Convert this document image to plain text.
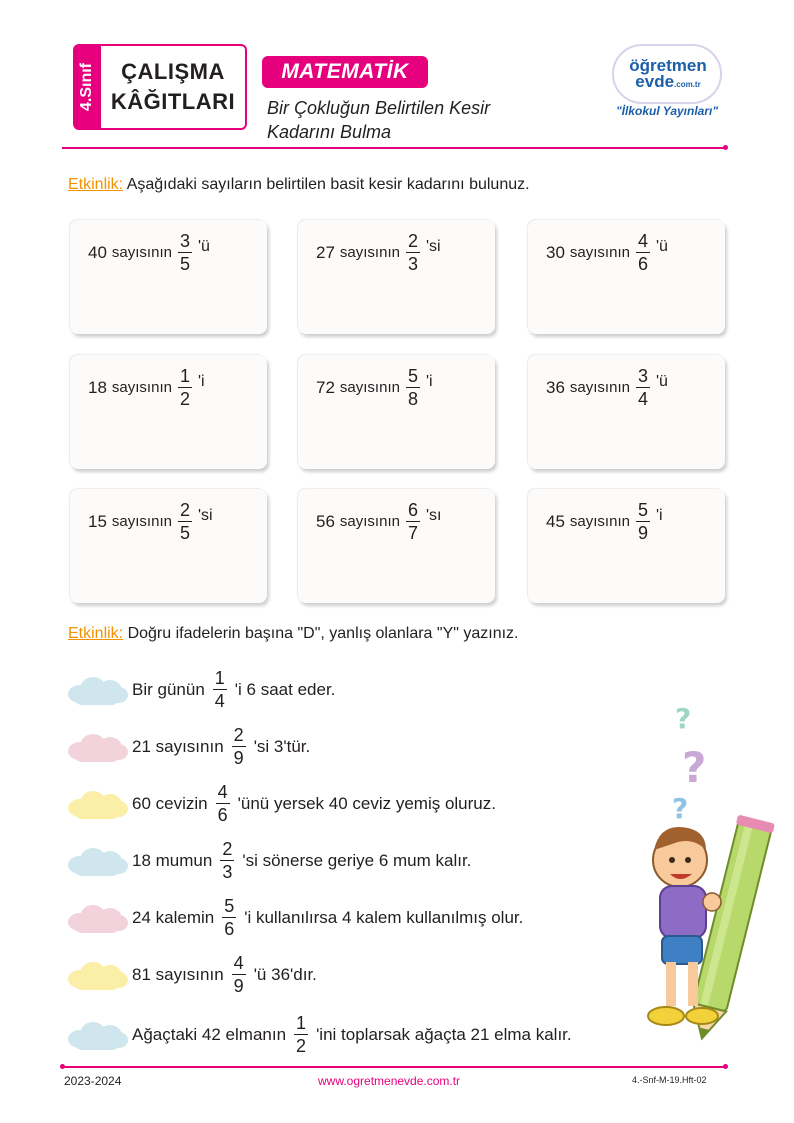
4.Sınıf ÇALIŞMA
KÂĞITLARI
MATEMATİK
Bir Çokluğun Belirtilen Kesir
Kadarını Bulma
öğretmen evde.com.tr
"İlkokul Yayınları"
Etkinlik: Aşağıdaki sayıların belirtilen basit kesir kadarını bulunuz.
40 sayısının $\frac{3}{5}$ 'ü	27 sayısının $\frac{2}{3}$ 'si	30 sayısının $\frac{4}{6}$ 'ü
18 sayısının $\frac{1}{2}$ 'i	72 sayısının $\frac{5}{8}$ 'i	36 sayısının $\frac{3}{4}$ 'ü
15 sayısının $\frac{2}{5}$ 'si	56 sayısının $\frac{6}{7}$ 'sı	45 sayısının $\frac{5}{9}$ 'i
Etkinlik: Doğru ifadelerin başına "D", yanlış olanlara "Y" yazınız.
Bir günün $\frac{1}{4}$ 'i 6 saat eder.
21 sayısının $\frac{2}{9}$ 'si 3'tür.
60 cevizin $\frac{4}{6}$ 'ünü yersek 40 ceviz yemiş oluruz.
18 mumun $\frac{2}{3}$ 'si sönerse geriye 6 mum kalır.
24 kalemin $\frac{5}{6}$ 'i kullanılırsa 4 kalem kullanılmış olur.
81 sayısının $\frac{4}{9}$ 'ü 36'dır.
Ağaçtaki 42 elmanın $\frac{1}{2}$ 'ini toplarsak ağaçta 21 elma kalır.
?
?
?
2023-2024	www.ogretmenevde.com.tr	4.-Snf-M-19.Hft-02
